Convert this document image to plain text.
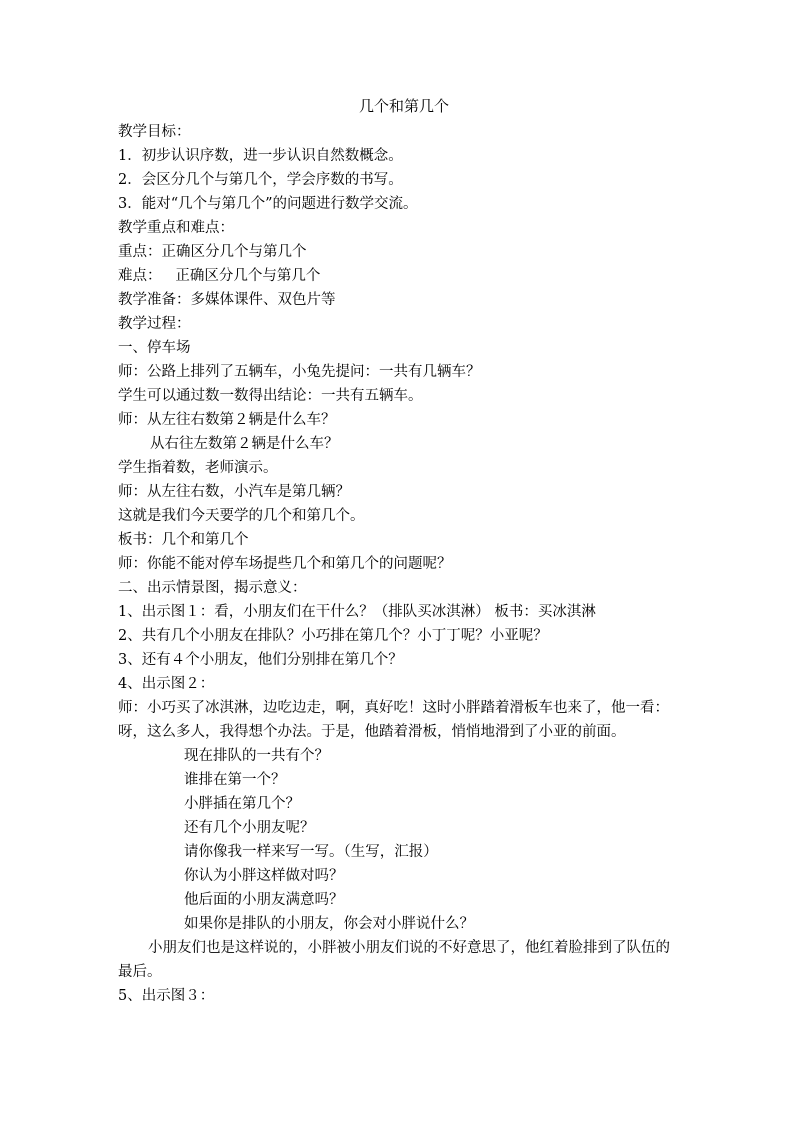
几个和第几个
教学目标：
1．初步认识序数，进一步认识自然数概念。
2．会区分几个与第几个，学会序数的书写。
3．能对“几个与第几个”的问题进行数学交流。
教学重点和难点：
重点：正确区分几个与第几个
难点：   正确区分几个与第几个
教学准备：多媒体课件、双色片等
教学过程：
一、停车场
师：公路上排列了五辆车，小兔先提问：一共有几辆车？
学生可以通过数一数得出结论：一共有五辆车。
师：从左往右数第２辆是什么车？
从右往左数第２辆是什么车？
学生指着数，老师演示。
师：从左往右数，小汽车是第几辆？
这就是我们今天要学的几个和第几个。
板书：几个和第几个
师：你能不能对停车场提些几个和第几个的问题呢？
二、出示情景图，揭示意义：
1、出示图１：看，小朋友们在干什么？（排队买冰淇淋） 板书：买冰淇淋
2、共有几个小朋友在排队？小巧排在第几个？小丁丁呢？小亚呢？
3、还有４个小朋友，他们分别排在第几个？
4、出示图２：
师：小巧买了冰淇淋，边吃边走，啊，真好吃！这时小胖踏着滑板车也来了，他一看：呀，这么多人，我得想个办法。于是，他踏着滑板，悄悄地滑到了小亚的前面。
现在排队的一共有个？
谁排在第一个？
小胖插在第几个？
还有几个小朋友呢？
请你像我一样来写一写。（生写，汇报）
你认为小胖这样做对吗？
他后面的小朋友满意吗？
如果你是排队的小朋友，你会对小胖说什么？
小朋友们也是这样说的，小胖被小朋友们说的不好意思了，他红着脸排到了队伍的最后。
5、出示图３：
